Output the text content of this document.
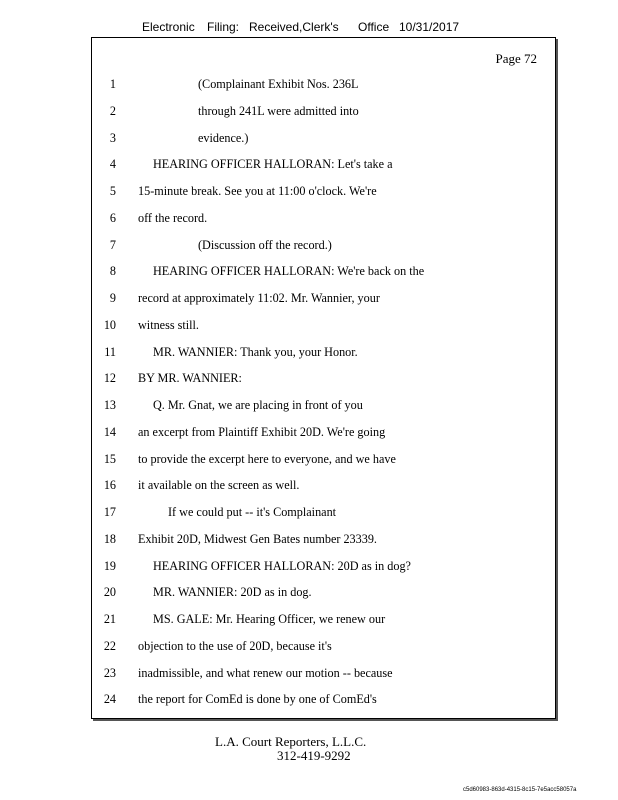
Electronic Filing: Received,Clerk's Office 10/31/2017
Page 72
1	(Complainant Exhibit Nos. 236L
2	through 241L were admitted into
3	evidence.)
4	HEARING OFFICER HALLORAN: Let's take a
5 15-minute break. See you at 11:00 o'clock. We're
6 off the record.
7	(Discussion off the record.)
8	HEARING OFFICER HALLORAN: We're back on the
9 record at approximately 11:02. Mr. Wannier, your
10 witness still.
11	MR. WANNIER: Thank you, your Honor.
12 BY MR. WANNIER:
13	Q. Mr. Gnat, we are placing in front of you
14 an excerpt from Plaintiff Exhibit 20D. We're going
15 to provide the excerpt here to everyone, and we have
16 it available on the screen as well.
17	If we could put -- it's Complainant
18 Exhibit 20D, Midwest Gen Bates number 23339.
19	HEARING OFFICER HALLORAN: 20D as in dog?
20	MR. WANNIER: 20D as in dog.
21	MS. GALE: Mr. Hearing Officer, we renew our
22 objection to the use of 20D, because it's
23 inadmissible, and what renew our motion -- because
24 the report for ComEd is done by one of ComEd's
L.A. Court Reporters, L.L.C.
312-419-9292
c5d60983-863d-4315-8c15-7e5acc58057a
